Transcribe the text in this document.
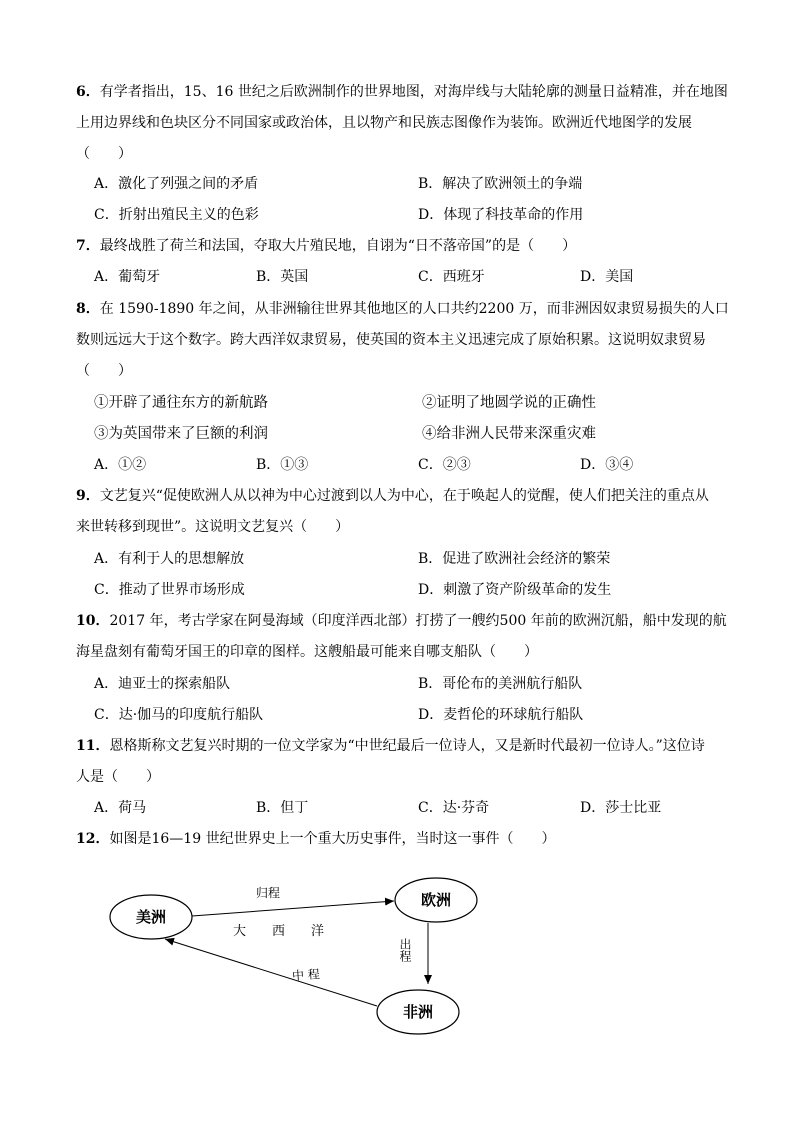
6．有学者指出，15、16 世纪之后欧洲制作的世界地图，对海岸线与大陆轮廓的测量日益精准，并在地图
上用边界线和色块区分不同国家或政治体，且以物产和民族志图像作为装饰。欧洲近代地图学的发展
（　　）
A．激化了列强之间的矛盾	B．解决了欧洲领土的争端
C．折射出殖民主义的色彩	D．体现了科技革命的作用
7．最终战胜了荷兰和法国，夺取大片殖民地，自诩为“日不落帝国”的是（　　）
A．葡萄牙	B．英国	C．西班牙	D．美国
8．在 1590-1890 年之间，从非洲输往世界其他地区的人口共约2200 万，而非洲因奴隶贸易损失的人口
数则远远大于这个数字。跨大西洋奴隶贸易，使英国的资本主义迅速完成了原始积累。这说明奴隶贸易
（　　）
①开辟了通往东方的新航路	②证明了地圆学说的正确性
③为英国带来了巨额的利润	④给非洲人民带来深重灾难
A．①②	B．①③	C．②③	D．③④
9．文艺复兴“促使欧洲人从以神为中心过渡到以人为中心，在于唤起人的觉醒，使人们把关注的重点从
来世转移到现世”。这说明文艺复兴（　　）
A．有利于人的思想解放	B．促进了欧洲社会经济的繁荣
C．推动了世界市场形成	D．刺激了资产阶级革命的发生
10．2017 年，考古学家在阿曼海域（印度洋西北部）打捞了一艘约500 年前的欧洲沉船，船中发现的航
海星盘刻有葡萄牙国王的印章的图样。这艘船最可能来自哪支船队（　　）
A．迪亚士的探索船队	B．哥伦布的美洲航行船队
C．达·伽马的印度航行船队	D．麦哲伦的环球航行船队
11．恩格斯称文艺复兴时期的一位文学家为“中世纪最后一位诗人，又是新时代最初一位诗人。”这位诗
人是（　　）
A．荷马	B．但丁	C．达·芬奇	D．莎士比亚
12．如图是16—19 世纪世界史上一个重大历史事件，当时这一事件（　　）
美洲
欧洲
非洲
归程
大　　西　　洋
出程
中 程
